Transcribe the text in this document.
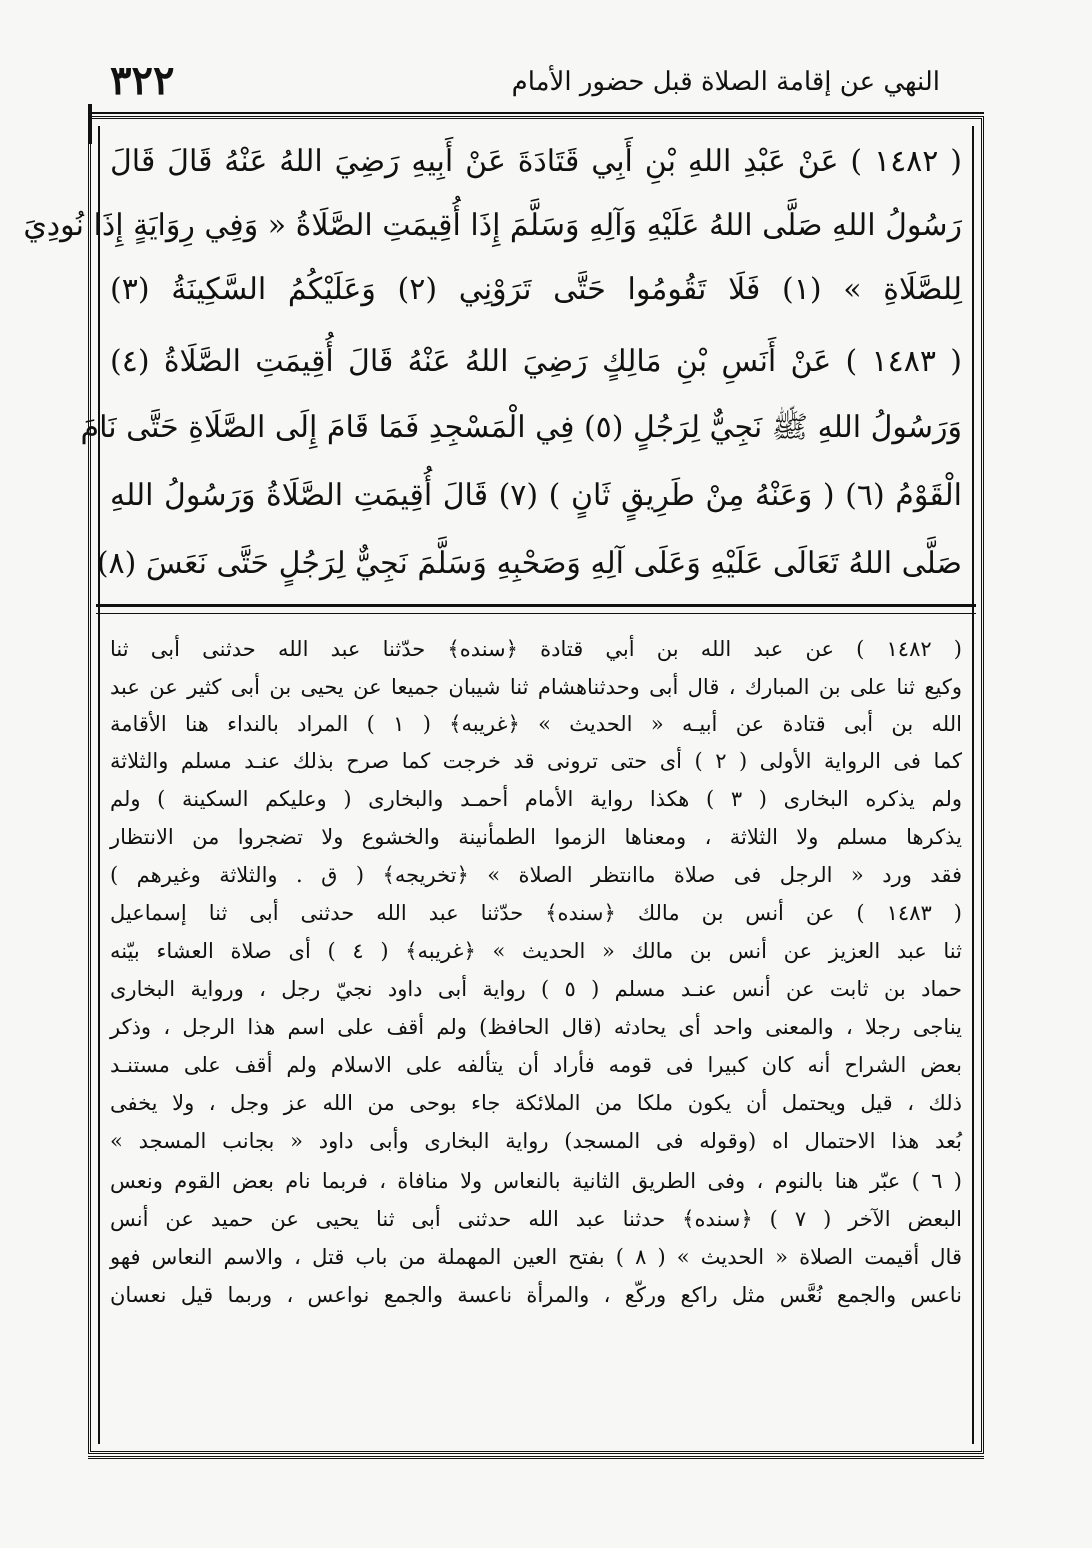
٣٢٢	النهي عن إقامة الصلاة قبل حضور الأمام
( ١٤٨٢ ) عَنْ عَبْدِ اللهِ بْنِ أَبِي قَتَادَةَ عَنْ أَبِيهِ رَضِيَ اللهُ عَنْهُ قَالَ قَالَ
رَسُولُ اللهِ صَلَّى اللهُ عَلَيْهِ وَآلِهِ وَسَلَّمَ إِذَا أُقِيمَتِ الصَّلَاةُ « وَفِي رِوَايَةٍ إِذَا نُودِيَ
لِلصَّلَاةِ » (١) فَلَا تَقُومُوا حَتَّى تَرَوْنِي (٢) وَعَلَيْكُمُ السَّكِينَةُ (٣)
( ١٤٨٣ ) عَنْ أَنَسِ بْنِ مَالِكٍ رَضِيَ اللهُ عَنْهُ قَالَ أُقِيمَتِ الصَّلَاةُ (٤)
وَرَسُولُ اللهِ ﷺ نَجِيٌّ لِرَجُلٍ (٥) فِي الْمَسْجِدِ فَمَا قَامَ إِلَى الصَّلَاةِ حَتَّى نَامَ
الْقَوْمُ (٦) ( وَعَنْهُ مِنْ طَرِيقٍ ثَانٍ ) (٧) قَالَ أُقِيمَتِ الصَّلَاةُ وَرَسُولُ اللهِ
صَلَّى اللهُ تَعَالَى عَلَيْهِ وَعَلَى آلِهِ وَصَحْبِهِ وَسَلَّمَ نَجِيٌّ لِرَجُلٍ حَتَّى نَعَسَ (٨)
( ١٤٨٢ ) عن عبد الله بن أبي قتادة ﴿سنده﴾ حدّثنا عبد الله حدثنى أبى ثنا
وكيع ثنا على بن المبارك ، قال أبى وحدثناهشام ثنا شيبان جميعا عن يحيى بن أبى كثير عن عبد
الله بن أبى قتادة عن أبيـه « الحديث » ﴿غريبه﴾ ( ١ ) المراد بالنداء هنا الأقامة
كما فى الرواية الأولى ( ٢ ) أى حتى ترونى قد خرجت كما صرح بذلك عنـد مسلم والثلاثة
ولم يذكره البخارى ( ٣ ) هكذا رواية الأمام أحمـد والبخارى ( وعليكم السكينة ) ولم
يذكرها مسلم ولا الثلاثة ، ومعناها الزموا الطمأنينة والخشوع ولا تضجروا من الانتظار
فقد ورد « الرجل فى صلاة ماانتظر الصلاة » ﴿تخريجه﴾ ( ق . والثلاثة وغيرهم )
( ١٤٨٣ ) عن أنس بن مالك ﴿سنده﴾ حدّثنا عبد الله حدثنى أبى ثنا إسماعيل
ثنا عبد العزيز عن أنس بن مالك « الحديث » ﴿غريبه﴾ ( ٤ ) أى صلاة العشاء بيّنه
حماد بن ثابت عن أنس عنـد مسلم ( ٥ ) رواية أبى داود نجيّ رجل ، ورواية البخارى
يناجى رجلا ، والمعنى واحد أى يحادثه (قال الحافظ) ولم أقف على اسم هذا الرجل ، وذكر
بعض الشراح أنه كان كبيرا فى قومه فأراد أن يتألفه على الاسلام ولم أقف على مستنـد
ذلك ، قيل ويحتمل أن يكون ملكا من الملائكة جاء بوحى من الله عز وجل ، ولا يخفى
بُعد هذا الاحتمال اه (وقوله فى المسجد) رواية البخارى وأبى داود « بجانب المسجد »
( ٦ ) عبّر هنا بالنوم ، وفى الطريق الثانية بالنعاس ولا منافاة ، فربما نام بعض القوم ونعس
البعض الآخر ( ٧ ) ﴿سنده﴾ حدثنا عبد الله حدثنى أبى ثنا يحيى عن حميد عن أنس
قال أقيمت الصلاة « الحديث » ( ٨ ) بفتح العين المهملة من باب قتل ، والاسم النعاس فهو
ناعس والجمع نُعَّس مثل راكع وركّع ، والمرأة ناعسة والجمع نواعس ، وربما قيل نعسان
